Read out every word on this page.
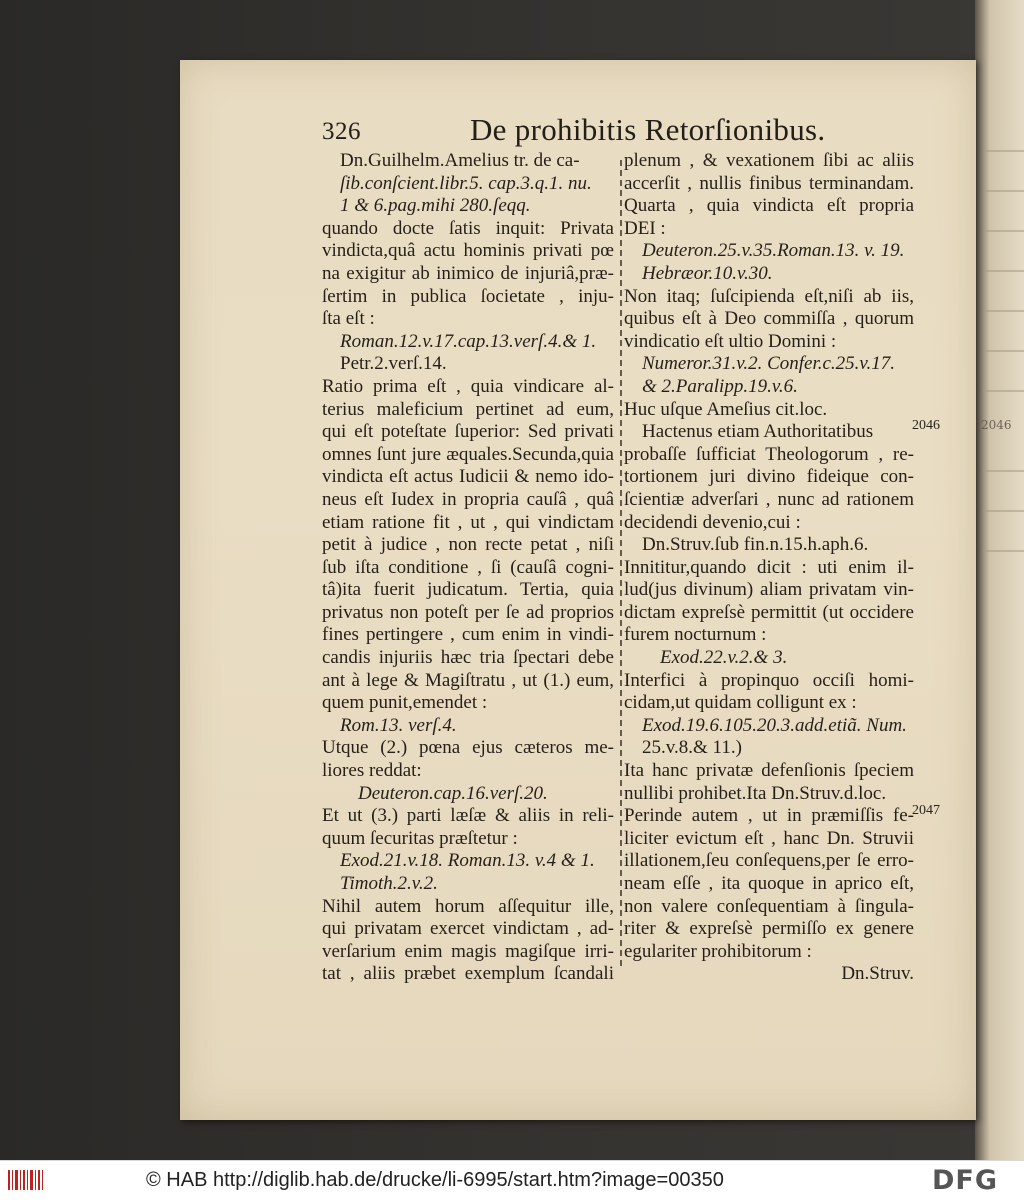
2046
326	De prohibitis Retorſionibus.
Dn.Guilhelm.Amelius tr. de ca-
ſib.conſcient.libr.5. cap.3.q.1. nu.
1 & 6.pag.mihi 280.ſeqq.
quando docte ſatis inquit: Privata
vindicta,quâ actu hominis privati pœ
na exigitur ab inimico de injuriâ,præ-
ſertim in publica ſocietate , inju-
ſta eſt :
Roman.12.v.17.cap.13.verſ.4.& 1.
Petr.2.verſ.14.
Ratio prima eſt , quia vindicare al-
terius maleficium pertinet ad eum,
qui eſt poteſtate ſuperior: Sed privati
omnes ſunt jure æquales.Secunda,quia
vindicta eſt actus Iudicii & nemo ido-
neus eſt Iudex in propria cauſâ , quâ
etiam ratione fit , ut , qui vindictam
petit à judice , non recte petat , niſi
ſub iſta conditione , ſi (cauſâ cogni-
tâ)ita fuerit judicatum. Tertia, quia
privatus non poteſt per ſe ad proprios
fines pertingere , cum enim in vindi-
candis injuriis hæc tria ſpectari debe
ant à lege & Magiſtratu , ut (1.) eum,
quem punit,emendet :
Rom.13. verſ.4.
Utque (2.) pœna ejus cæteros me-
liores reddat:
Deuteron.cap.16.verſ.20.
Et ut (3.) parti læſæ & aliis in reli-
quum ſecuritas præſtetur :
Exod.21.v.18. Roman.13. v.4 & 1.
Timoth.2.v.2.
Nihil autem horum aſſequitur ille,
qui privatam exercet vindictam , ad-
verſarium enim magis magiſque irri-
tat , aliis præbet exemplum ſcandali
plenum , & vexationem ſibi ac aliis
accerſit , nullis finibus terminandam.
Quarta , quia vindicta eſt propria
DEI :
Deuteron.25.v.35.Roman.13. v. 19.
Hebræor.10.v.30.
Non itaq; ſuſcipienda eſt,niſi ab iis,
quibus eſt à Deo commiſſa , quorum
vindicatio eſt ultio Domini :
Numeror.31.v.2. Confer.c.25.v.17.
& 2.Paralipp.19.v.6.
Huc uſque Ameſius cit.loc.
Hactenus etiam Authoritatibus
probaſſe ſufficiat Theologorum , re-
tortionem juri divino fideique con-
ſcientiæ adverſari , nunc ad rationem
decidendi devenio,cui :
Dn.Struv.ſub fin.n.15.h.aph.6.
Innititur,quando dicit : uti enim il-
lud(jus divinum) aliam privatam vin-
dictam expreſsè permittit (ut occidere
furem nocturnum :
Exod.22.v.2.& 3.
Interfici à propinquo occiſi homi-
cidam,ut quidam colligunt ex :
Exod.19.6.105.20.3.add.etiã. Num.
25.v.8.& 11.)
Ita hanc privatæ defenſionis ſpeciem
nullibi prohibet.Ita Dn.Struv.d.loc.
Perinde autem , ut in præmiſſis fe-
liciter evictum eſt , hanc Dn. Struvii
illationem,ſeu conſequens,per ſe erro-
neam eſſe , ita quoque in aprico eſt,
non valere conſequentiam à ſingula-
riter & expreſsè permiſſo ex genere
egulariter prohibitorum :
Dn.Struv.
2046
2047
© HAB http://diglib.hab.de/drucke/li-6995/start.htm?image=00350	DFG
